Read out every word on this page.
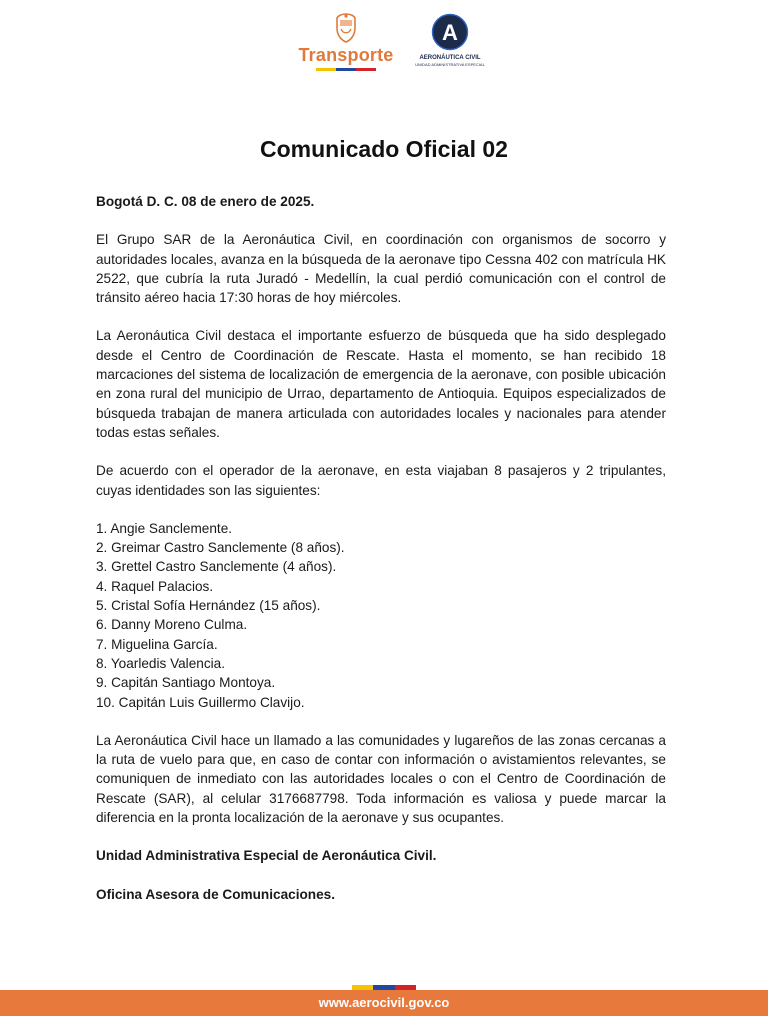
Transporte
A
AERONÁUTICA CIVIL
UNIDAD ADMINISTRATIVA ESPECIAL
Comunicado Oficial 02

Bogotá D. C. 08 de enero de 2025.

El Grupo SAR de la Aeronáutica Civil, en coordinación con organismos de socorro y autoridades locales, avanza en la búsqueda de la aeronave tipo Cessna 402 con matrícula HK 2522, que cubría la ruta Juradó - Medellín, la cual perdió comunicación con el control de tránsito aéreo hacia 17:30 horas de hoy miércoles.

La Aeronáutica Civil destaca el importante esfuerzo de búsqueda que ha sido desplegado desde el Centro de Coordinación de Rescate. Hasta el momento, se han recibido 18 marcaciones del sistema de localización de emergencia de la aeronave, con posible ubicación en zona rural del municipio de Urrao, departamento de Antioquia. Equipos especializados de búsqueda trabajan de manera articulada con autoridades locales y nacionales para atender todas estas señales.

De acuerdo con el operador de la aeronave, en esta viajaban 8 pasajeros y 2 tripulantes, cuyas identidades son las siguientes:

1. Angie Sanclemente.
2. Greimar Castro Sanclemente (8 años).
3. Grettel Castro Sanclemente (4 años).
4. Raquel Palacios.
5. Cristal Sofía Hernández (15 años).
6. Danny Moreno Culma.
7. Miguelina García.
8. Yoarledis Valencia.
9. Capitán Santiago Montoya.
10. Capitán Luis Guillermo Clavijo.

La Aeronáutica Civil hace un llamado a las comunidades y lugareños de las zonas cercanas a la ruta de vuelo para que, en caso de contar con información o avistamientos relevantes, se comuniquen de inmediato con las autoridades locales o con el Centro de Coordinación de Rescate (SAR), al celular 3176687798. Toda información es valiosa y puede marcar la diferencia en la pronta localización de la aeronave y sus ocupantes.

Unidad Administrativa Especial de Aeronáutica Civil.

Oficina Asesora de Comunicaciones.

www.aerocivil.gov.co
